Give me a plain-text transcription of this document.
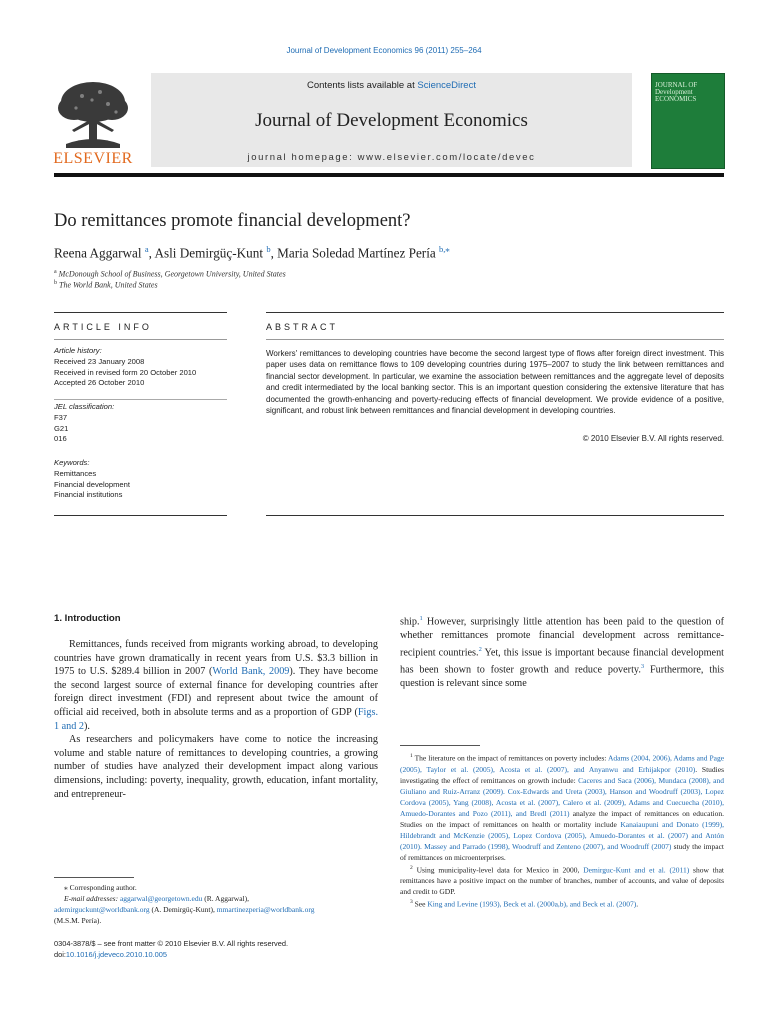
Journal of Development Economics 96 (2011) 255–264
ELSEVIER
Contents lists available at ScienceDirect
Journal of Development Economics
journal homepage: www.elsevier.com/locate/devec
JOURNAL OF
Development
ECONOMICS
Do remittances promote financial development?
Reena Aggarwal $^a$, Asli Demirgüç-Kunt $^b$, Maria Soledad Martínez Pería $^{b,⁎}$
$^a$ McDonough School of Business, Georgetown University, United States
$^b$ The World Bank, United States
ARTICLE INFO
Article history:
Received 23 January 2008
Received in revised form 20 October 2010
Accepted 26 October 2010
JEL classification:
F37
G21
016
Keywords:
Remittances
Financial development
Financial institutions
ABSTRACT
Workers' remittances to developing countries have become the second largest type of flows after foreign direct investment. This paper uses data on remittance flows to 109 developing countries during 1975–2007 to study the link between remittances and financial sector development. In particular, we examine the association between remittances and the aggregate level of deposits and credit intermediated by the local banking sector. This is an important question considering the extensive literature that has documented the growth-enhancing and poverty-reducing effects of financial development. We provide evidence of a positive, significant, and robust link between remittances and financial development in developing countries.
© 2010 Elsevier B.V. All rights reserved.
1. Introduction

Remittances, funds received from migrants working abroad, to developing countries have grown dramatically in recent years from U.S. $3.3 billion in 1975 to U.S. $289.4 billion in 2007 (World Bank, 2009). They have become the second largest source of external finance for developing countries after foreign direct investment (FDI) and represent about twice the amount of official aid received, both in absolute terms and as a proportion of GDP (Figs. 1 and 2).

As researchers and policymakers have come to notice the increasing volume and stable nature of remittances to developing countries, a growing number of studies have analyzed their development impact along various dimensions, including: poverty, inequality, growth, education, infant mortality, and entrepreneur-

ship.$^1$ However, surprisingly little attention has been paid to the question of whether remittances promote financial development across remittance-recipient countries.$^2$ Yet, this issue is important because financial development has been shown to foster growth and reduce poverty.$^3$ Furthermore, this question is relevant since some

$^1$ The literature on the impact of remittances on poverty includes: Adams (2004, 2006), Adams and Page (2005), Taylor et al. (2005), Acosta et al. (2007), and Anyanwu and Erhijakpor (2010). Studies investigating the effect of remittances on growth include: Caceres and Saca (2006), Mundaca (2008), and Giuliano and Ruiz-Arranz (2009). Cox-Edwards and Ureta (2003), Hanson and Woodruff (2003), Lopez Cordova (2005), Yang (2008), Acosta et al. (2007), Calero et al. (2009), Adams and Cuecuecha (2010), Amuedo-Dorantes and Pozo (2011), and Bredl (2011) analyze the impact of remittances on education. Studies on the impact of remittances on health or mortality include Kanaiaupuni and Donato (1999), Hildebrandt and McKenzie (2005), Lopez Cordova (2005), Amuedo-Dorantes et al. (2007) and Antón (2010). Massey and Parrado (1998), Woodruff and Zenteno (2007), and Woodruff (2007) study the impact of remittances on microenterprises.

$^2$ Using municipality-level data for Mexico in 2000, Demirguc-Kunt and et al. (2011) show that remittances have a positive impact on the number of branches, number of accounts, and value of deposits and credit to GDP.

$^3$ See King and Levine (1993), Beck et al. (2000a,b), and Beck et al. (2007).

⁎ Corresponding author.
E-mail addresses: aggarwal@georgetown.edu (R. Aggarwal),
ademirguckunt@worldbank.org (A. Demirgüç-Kunt), mmartinezperia@worldbank.org
(M.S.M. Pería).
0304-3878/$ – see front matter © 2010 Elsevier B.V. All rights reserved.
doi:10.1016/j.jdeveco.2010.10.005
